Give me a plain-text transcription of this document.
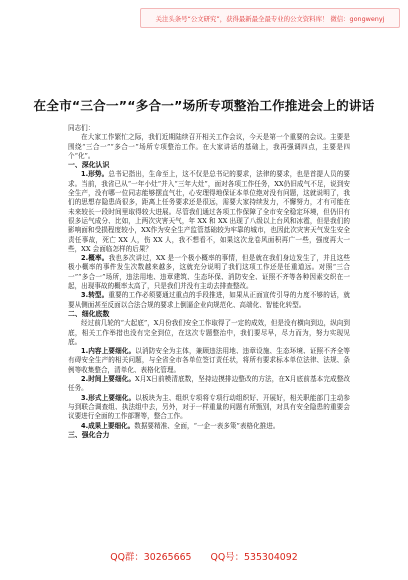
关注头条号“公文研究”，获得最新最全最专业的公文资料库！ 微信：gongwenyj
在全市“三合一”“多合一”场所专项整治工作推进会上的讲话

同志们：

在大家工作繁忙之际，我们近期陆续召开相关工作会议，今天是第一个重要的会议。主要是围绕“三合一”“多合一”场所专项整治工作。在大家讲话的基础上，我再强调四点，主要是四个“化”。

一、深化认识

1.形势。总书记指出，生命至上，这不仅是总书记的要求，法律的要求，也是首提人员的要求。当前，我省已从“一年小灶”并入“三年大灶”，面对各项工作任务，XX仍旧成气不足，说到安全生产，没有哪一位同志能够摆直气壮，心安理得地保证本单位绝对没有问题，这就说明了，我们的思想存隐患尚很多，距离上任务要求还是很远，需要大家持续发力，不懈努力，才有可能在未来较长一段时间里取得较大进展。尽管我们通过各项工作保障了全市安全稳定环境，但仍旧有很多运气成分、比如，上两次灾害天气，年 XX 和 XX 出现了八级以上台风和冰雹，但是我们的影响面和受损程度较小，XX作为安全生产监管基础较为牢靠的城市，也因此次灾害天气发生安全责任事故，死亡 XX 人，伤 XX 人，我不想看不，如果这次龙卷风面积再广一些，强度再大一些，XX 会面临怎样的后果？

2.概率。我也多次讲过，XX 是一个极小概率的事情，但是就在我们身边发生了，并且这些极小概率的事件发生次数越来越多，这就充分说明了我们这项工作还是任重道远。对照“三合一”“多合一”场所，违法用地、违章建筑、生态环保、消防安全、证照不齐等各种因素交织在一起，出现事故的概率太高了，只是我们并没有主动去排查整改。

3.转型。重要的工作必须要通过重点的手段推进，如果从正面宣传引导的力度不够的话，就要从侧面甚至反面以合法合规的要求上倒逼企业向规范化、高端化、智能化转型。

二、细化底数

经过前几轮的“大起底”，X月份我们安全工作取得了一定的成效，但是没有横向到边，纵向到底，相关工作举措也没有完全到位，在这次专题整治中，我们要尽早，尽力而为，努力实现见底。

1.内容上要细化。以消防安全为主体，兼顾违法用地、违章设施、生态环境、证照不齐全等有碍安全生产的相关问题，与全省全市各单位签订责任状，将所有要求标本单位法律、法规、条例等收集整合，清单化、表格化管理。

2.时间上要细化。X月X日前模清底数，坚持边摸排边整改的方法，在X月底前基本完成整改任务。

3.形式上要细化。以板块为主、组织专项将专项行动组织好、开展好，相关职能部门主动参与到联合调查组、执法组中去，另外，对于一样重量的问题有所甄别，对具有安全隐患的重要会议要进行全面的工作部署等，整合工作。

4.成果上要细化。数据要精准、全面，“一企一表多策”表格化推进。

三、强化合力

QQ群：30265665 QQ号：535304092
